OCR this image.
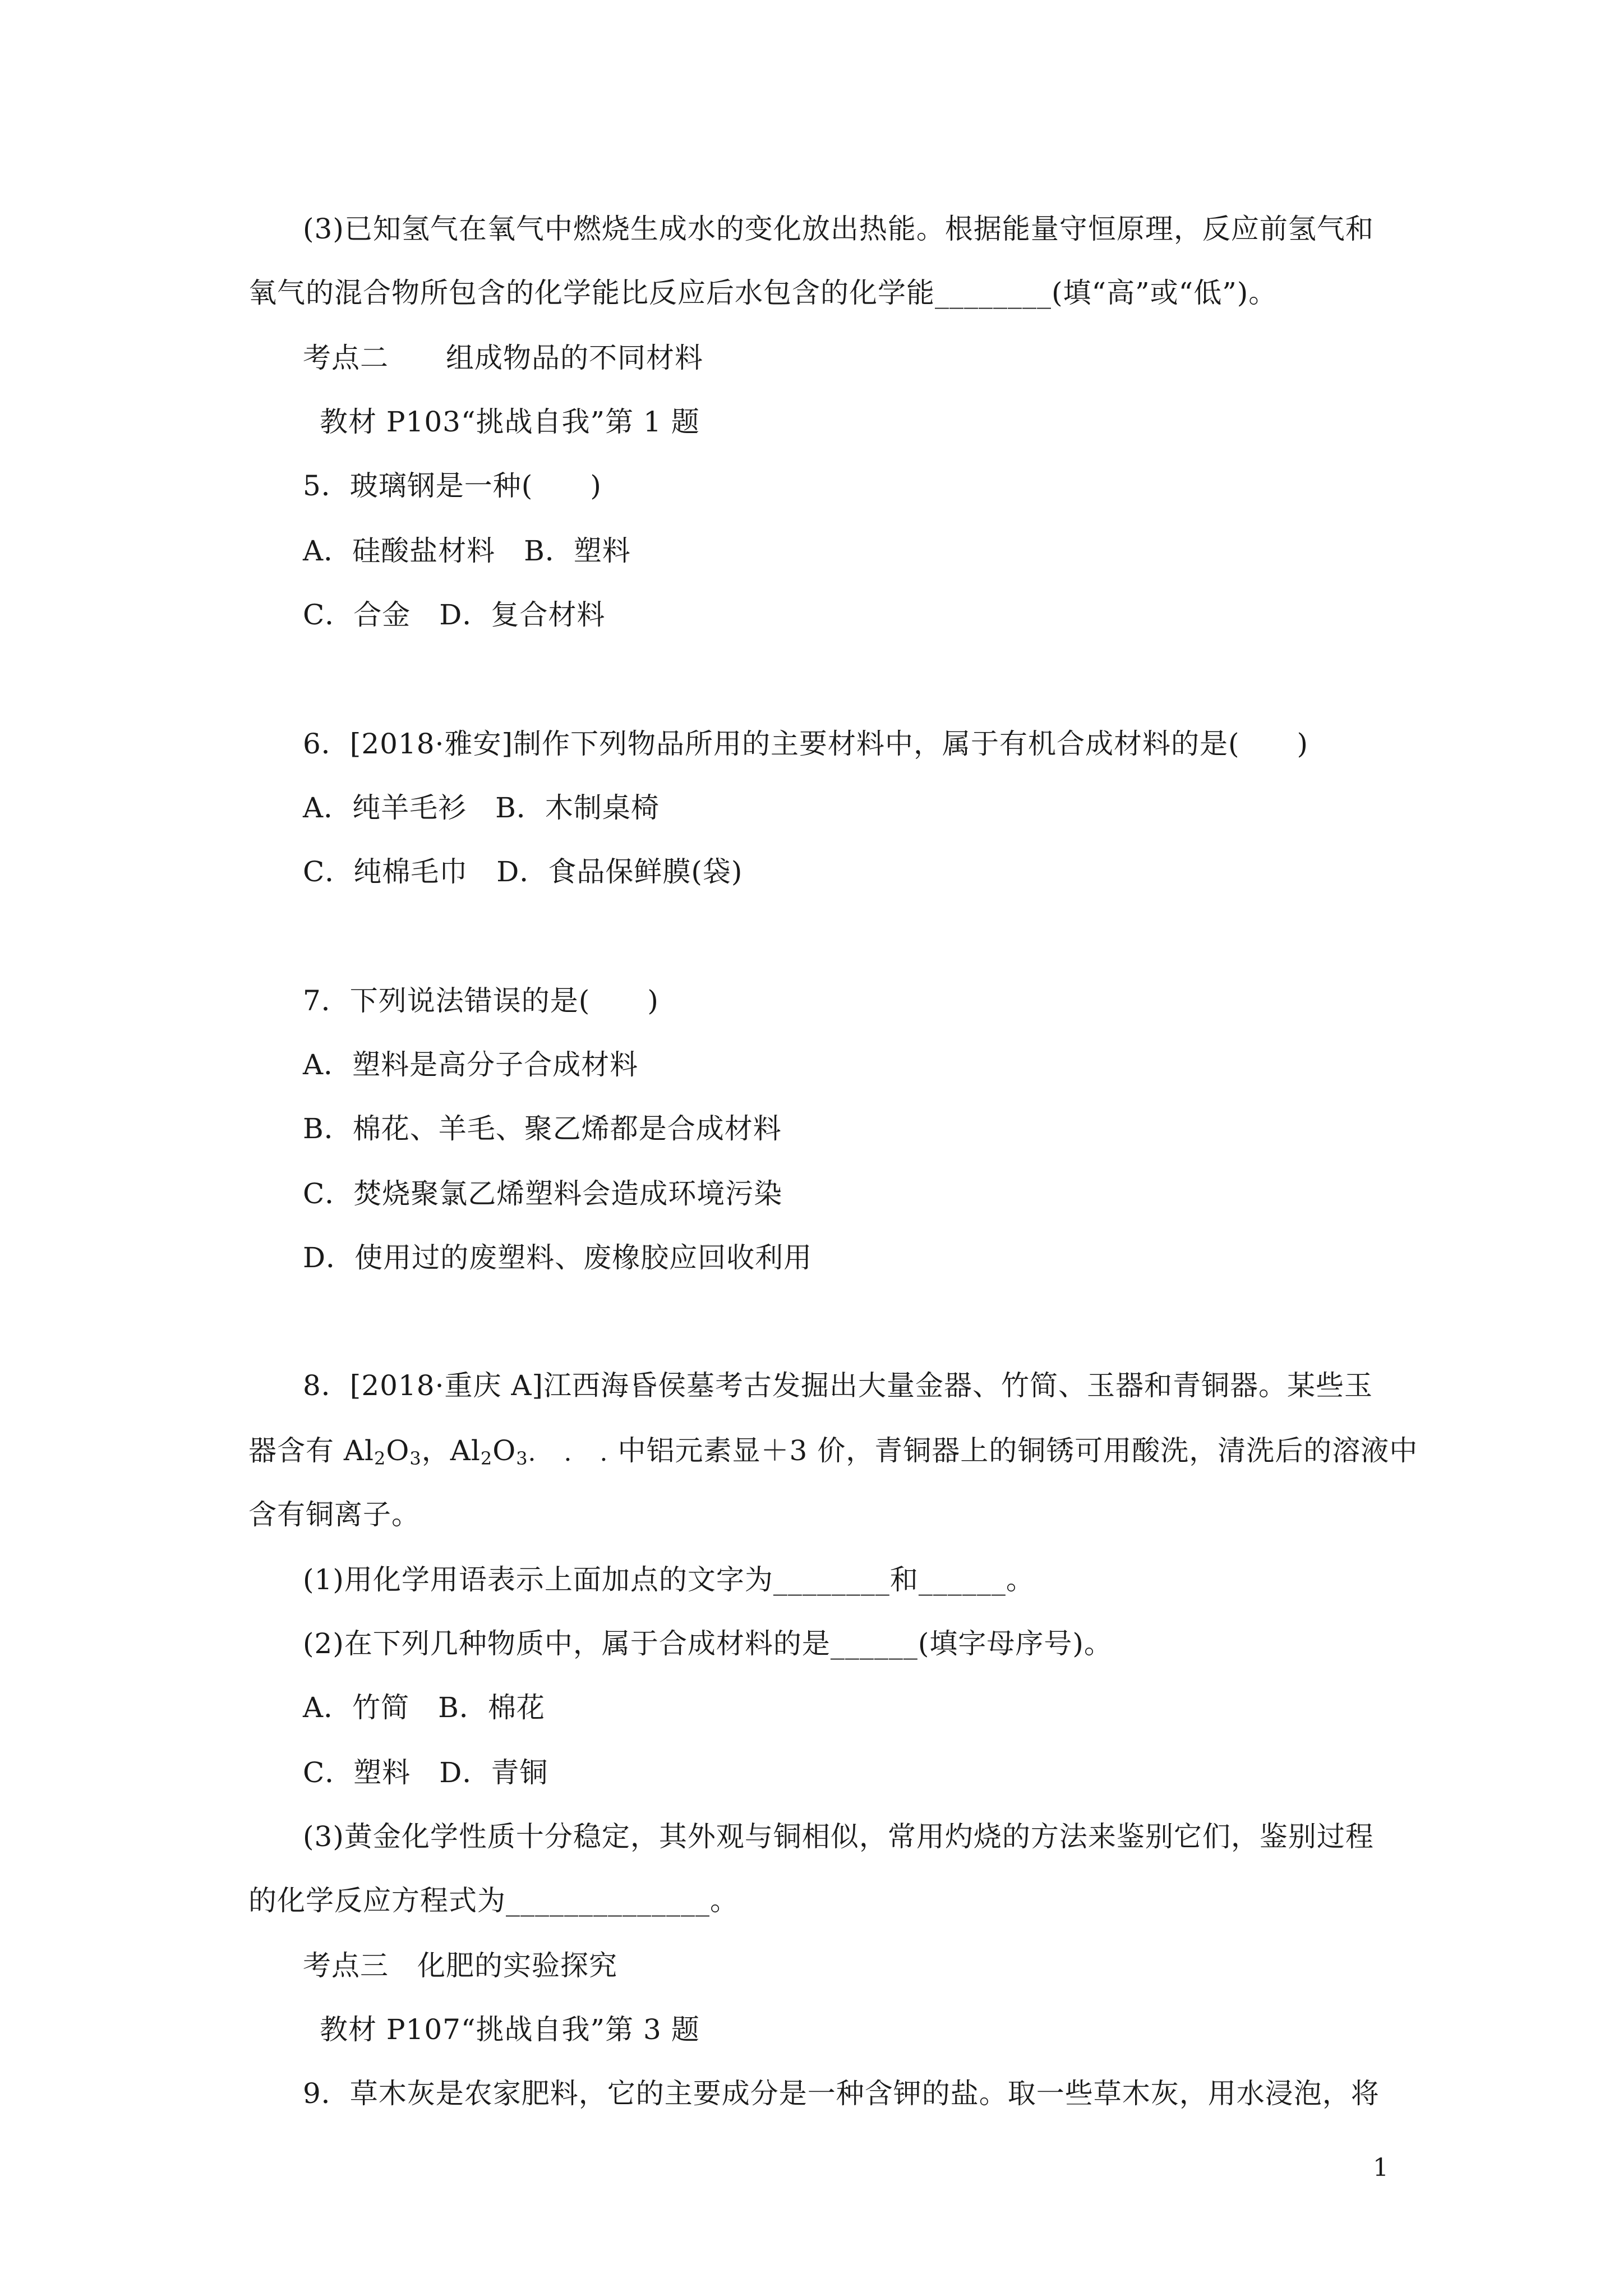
(3)已知氢气在氧气中燃烧生成水的变化放出热能。根据能量守恒原理，反应前氢气和
氧气的混合物所包含的化学能比反应后水包含的化学能________(填“高”或“低”)。
考点二　　组成物品的不同材料
教材 P103“挑战自我”第 1 题
5．玻璃钢是一种(　　)
A．硅酸盐材料　B．塑料
C．合金　D．复合材料
6．[2018·雅安]制作下列物品所用的主要材料中，属于有机合成材料的是(　　)
A．纯羊毛衫　B．木制桌椅
C．纯棉毛巾　D．食品保鲜膜(袋)
7．下列说法错误的是(　　)
A．塑料是高分子合成材料
B．棉花、羊毛、聚乙烯都是合成材料
C．焚烧聚氯乙烯塑料会造成环境污染
D．使用过的废塑料、废橡胶应回收利用
8．[2018·重庆 A]江西海昏侯墓考古发掘出大量金器、竹简、玉器和青铜器。某些玉
器含有 $Al_2O_3$，$Al_2O_3\cdot$ · ·中铝元素显＋3 价，青铜器上的铜锈可用酸洗，清洗后的溶液中
含有铜离子。
(1)用化学用语表示上面加点的文字为________和______。
(2)在下列几种物质中，属于合成材料的是______(填字母序号)。
A．竹简　B．棉花
C．塑料　D．青铜
(3)黄金化学性质十分稳定，其外观与铜相似，常用灼烧的方法来鉴别它们，鉴别过程
的化学反应方程式为______________。
考点三　化肥的实验探究
教材 P107“挑战自我”第 3 题
9．草木灰是农家肥料，它的主要成分是一种含钾的盐。取一些草木灰，用水浸泡，将
1
